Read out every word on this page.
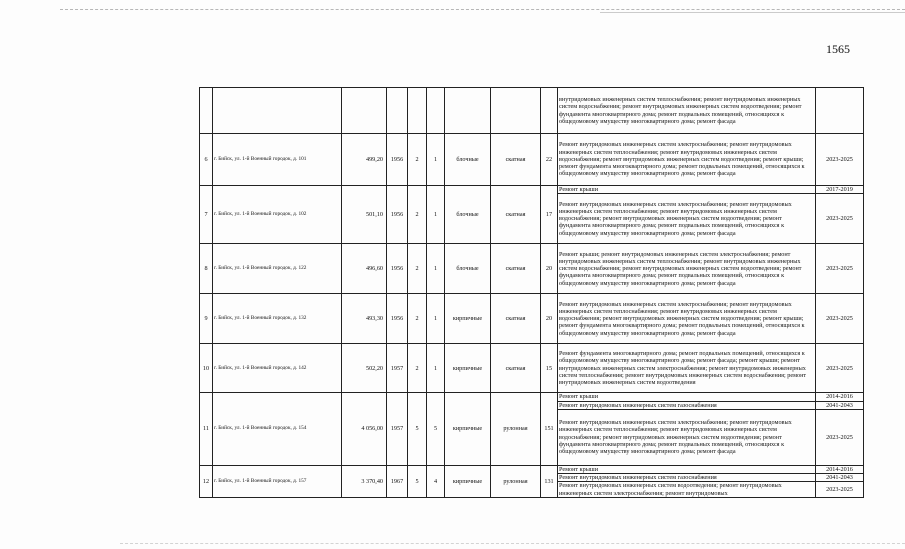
1565
									внутридомовых инженерных систем теплоснабжения; ремонт внутридомовых инженерных систем водоснабжения; ремонт внутридомовых инженерных систем водоотведения; ремонт фундамента многоквартирного дома; ремонт подвальных помещений, относящихся к общедомовому имуществу многоквартирного дома; ремонт фасада	
6	г. Бийск, ул. 1-й Военный городок, д. 101	499,20	1956	2	1	блочные	скатная	22	Ремонт внутридомовых инженерных систем электроснабжения; ремонт внутридомовых инженерных систем теплоснабжения; ремонт внутридомовых инженерных систем водоснабжения; ремонт внутридомовых инженерных систем водоотведения; ремонт крыши; ремонт фундамента многоквартирного дома; ремонт подвальных помещений, относящихся к общедомовому имуществу многоквартирного дома; ремонт фасада	2023-2025
7	г. Бийск, ул. 1-й Военный городок, д. 102	501,10	1956	2	1	блочные	скатная	17	Ремонт крыши	2017-2019
									Ремонт внутридомовых инженерных систем электроснабжения; ремонт внутридомовых инженерных систем теплоснабжения; ремонт внутридомовых инженерных систем водоснабжения; ремонт внутридомовых инженерных систем водоотведения; ремонт фундамента многоквартирного дома; ремонт подвальных помещений, относящихся к общедомовому имуществу многоквартирного дома; ремонт фасада	2023-2025
8	г. Бийск, ул. 1-й Военный городок, д. 122	496,60	1956	2	1	блочные	скатная	20	Ремонт крыши; ремонт внутридомовых инженерных систем электроснабжения; ремонт внутридомовых инженерных систем теплоснабжения; ремонт внутридомовых инженерных систем водоснабжения; ремонт внутридомовых инженерных систем водоотведения; ремонт фундамента многоквартирного дома; ремонт подвальных помещений, относящихся к общедомовому имуществу многоквартирного дома; ремонт фасада	2023-2025
9	г. Бийск, ул. 1-й Военный городок, д. 132	493,30	1956	2	1	кирпичные	скатная	20	Ремонт внутридомовых инженерных систем электроснабжения; ремонт внутридомовых инженерных систем теплоснабжения; ремонт внутридомовых инженерных систем водоснабжения; ремонт внутридомовых инженерных систем водоотведения; ремонт крыши; ремонт фундамента многоквартирного дома; ремонт подвальных помещений, относящихся к общедомовому имуществу многоквартирного дома; ремонт фасада	2023-2025
10	г. Бийск, ул. 1-й Военный городок, д. 142	502,20	1957	2	1	кирпичные	скатная	15	Ремонт фундамента многоквартирного дома; ремонт подвальных помещений, относящихся к общедомовому имуществу многоквартирного дома; ремонт фасада; ремонт крыши; ремонт внутридомовых инженерных систем электроснабжения; ремонт внутридомовых инженерных систем теплоснабжения; ремонт внутридомовых инженерных систем водоснабжения; ремонт внутридомовых инженерных систем водоотведения	2023-2025
11	г. Бийск, ул. 1-й Военный городок, д. 154	4 056,00	1957	5	5	кирпичные	рулонная	151	Ремонт крыши	2014-2016
									Ремонт внутридомовых инженерных систем газоснабжения	2041-2043
									Ремонт внутридомовых инженерных систем электроснабжения; ремонт внутридомовых инженерных систем теплоснабжения; ремонт внутридомовых инженерных систем водоснабжения; ремонт внутридомовых инженерных систем водоотведения; ремонт фундамента многоквартирного дома; ремонт подвальных помещений, относящихся к общедомовому имуществу многоквартирного дома; ремонт фасада	2023-2025
12	г. Бийск, ул. 1-й Военный городок, д. 157	3 370,40	1967	5	4	кирпичные	рулонная	131	Ремонт крыши	2014-2016
									Ремонт внутридомовых инженерных систем газоснабжения	2041-2043
									Ремонт внутридомовых инженерных систем водоотведения; ремонт внутридомовых инженерных систем электроснабжения; ремонт внутридомовых	2023-2025
